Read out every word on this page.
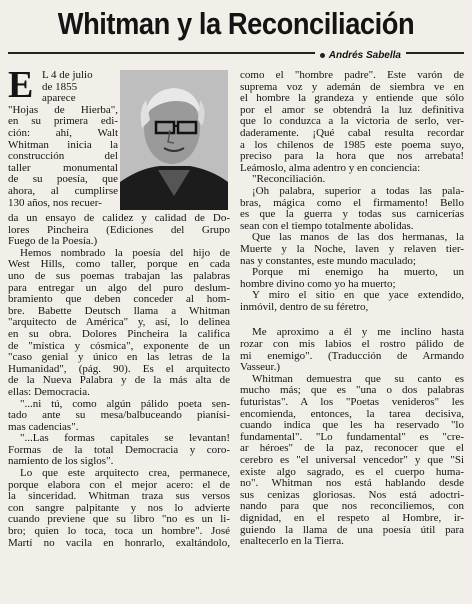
Whitman y la Reconciliación
Andrés Sabella
E L 4 de julio
de 1855
aparece
"Hojas de Hierba",
en su primera edi-
ción: ahí, Walt
Whitman inicia la
construcción del
taller monumental
de su poesía, que
ahora, al cumplirse
130 años, nos recuer-
da un ensayo de calidez y calidad de Do-
lores Pincheira (Ediciones del Grupo
Fuego de la Poesía.)
Hemos nombrado la poesía del hijo de
West Hills, como taller, porque en cada
uno de sus poemas trabajan las palabras
para entregar un algo del puro deslum-
bramiento que deben conceder al hom-
bre. Babette Deutsch llama a Whitman
"arquitecto de América" y, así, lo delinea
en su obra. Dolores Pincheira la califica
de "mística y cósmica", exponente de un
"caso genial y único en las letras de la
Humanidad", (pág. 90). Es el arquitecto
de la Nueva Palabra y de la más alta de
ellas: Democracia.
"...ni tú, como algún pálido poeta sen-
tado ante su mesa/balbuceando pianísi-
mas cadencias".
"...Las formas capitales se levantan!
Formas de la total Democracia y coro-
namiento de los siglos".
Lo que este arquitecto crea, permanece,
porque elabora con el mejor acero: el de
la sinceridad. Whitman traza sus versos
con sangre palpitante y nos lo advierte
cuando previene que su libro "no es un li-
bro; quien lo toca, toca un hombre". José
Martí no vacila en honrarlo, exaltándolo,
como el "hombre padre". Este varón de
suprema voz y ademán de siembra ve en
el hombre la grandeza y entiende que sólo
por el amor se obtendrá la luz definitiva
que lo conduzca a la victoria de serlo, ver-
daderamente. ¡Qué cabal resulta recordar
a los chilenos de 1985 este poema suyo,
preciso para la hora que nos arrebata!
Leámoslo, alma adentro y en conciencia:
"Reconciliación.
¡Oh palabra, superior a todas las pala-
bras, mágica como el firmamento! Bello
es que la guerra y todas sus carnicerías
sean con el tiempo totalmente abolidas.
Que las manos de las dos hermanas, la
Muerte y la Noche, laven y relaven tier-
nas y constantes, este mundo maculado;
Porque mi enemigo ha muerto, un
hombre divino como yo ha muerto;
Y miro el sitio en que yace extendido,
inmóvil, dentro de su féretro,
Me aproximo a él y me inclino hasta
rozar con mis labios el rostro pálido de
mi enemigo". (Traducción de Armando
Vasseur.)
Whitman demuestra que su canto es
mucho más; que es "una o dos palabras
futuristas". A los "Poetas venideros" les
encomienda, entonces, la tarea decisiva,
cuando indica que les ha reservado "lo
fundamental". "Lo fundamental" es "cre-
ar héroes" de la paz, reconocer que el
cerebro es "el universal vencedor" y que "Si
existe algo sagrado, es el cuerpo huma-
no". Whitman nos está hablando desde
sus cenizas gloriosas. Nos está adoctri-
nando para que nos reconciliemos, con
dignidad, en el respeto al Hombre, ir-
guiendo la llama de una poesía útil para
enaltecerlo en la Tierra.
